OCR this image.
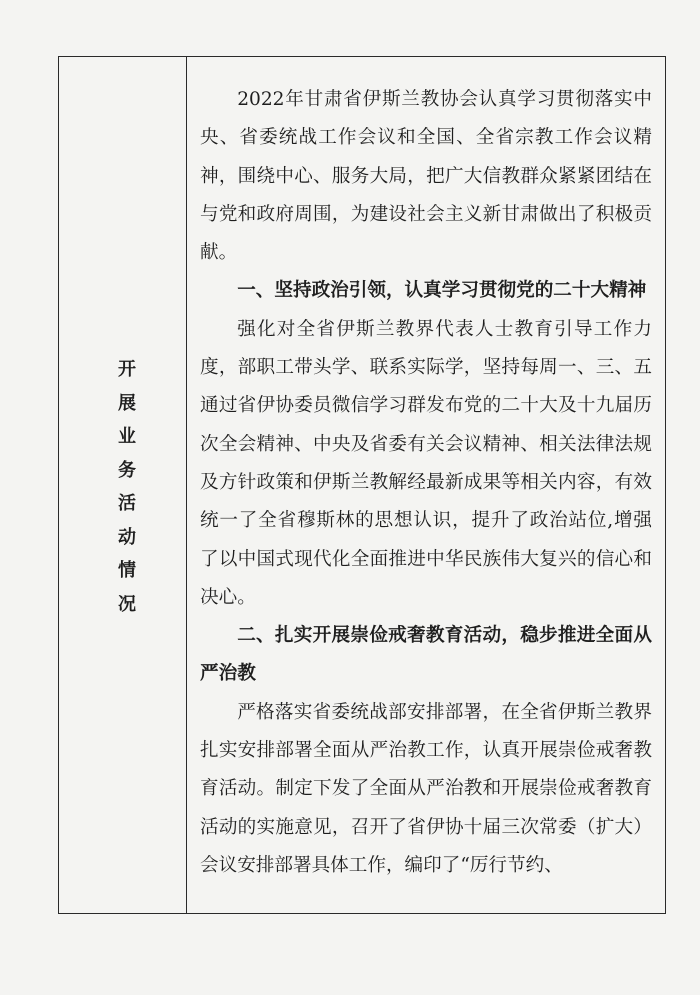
开展业务活动情况

2022年甘肃省伊斯兰教协会认真学习贯彻落实中央、省委统战工作会议和全国、全省宗教工作会议精神，围绕中心、服务大局，把广大信教群众紧紧团结在与党和政府周围，为建设社会主义新甘肃做出了积极贡献。

一、坚持政治引领，认真学习贯彻党的二十大精神

强化对全省伊斯兰教界代表人士教育引导工作力度，部职工带头学、联系实际学，坚持每周一、三、五通过省伊协委员微信学习群发布党的二十大及十九届历次全会精神、中央及省委有关会议精神、相关法律法规及方针政策和伊斯兰教解经最新成果等相关内容，有效统一了全省穆斯林的思想认识，提升了政治站位,增强了以中国式现代化全面推进中华民族伟大复兴的信心和决心。

二、扎实开展崇俭戒奢教育活动，稳步推进全面从严治教

严格落实省委统战部安排部署，在全省伊斯兰教界扎实安排部署全面从严治教工作，认真开展崇俭戒奢教育活动。制定下发了全面从严治教和开展崇俭戒奢教育活动的实施意见，召开了省伊协十届三次常委（扩大）会议安排部署具体工作，编印了“厉行节约、
